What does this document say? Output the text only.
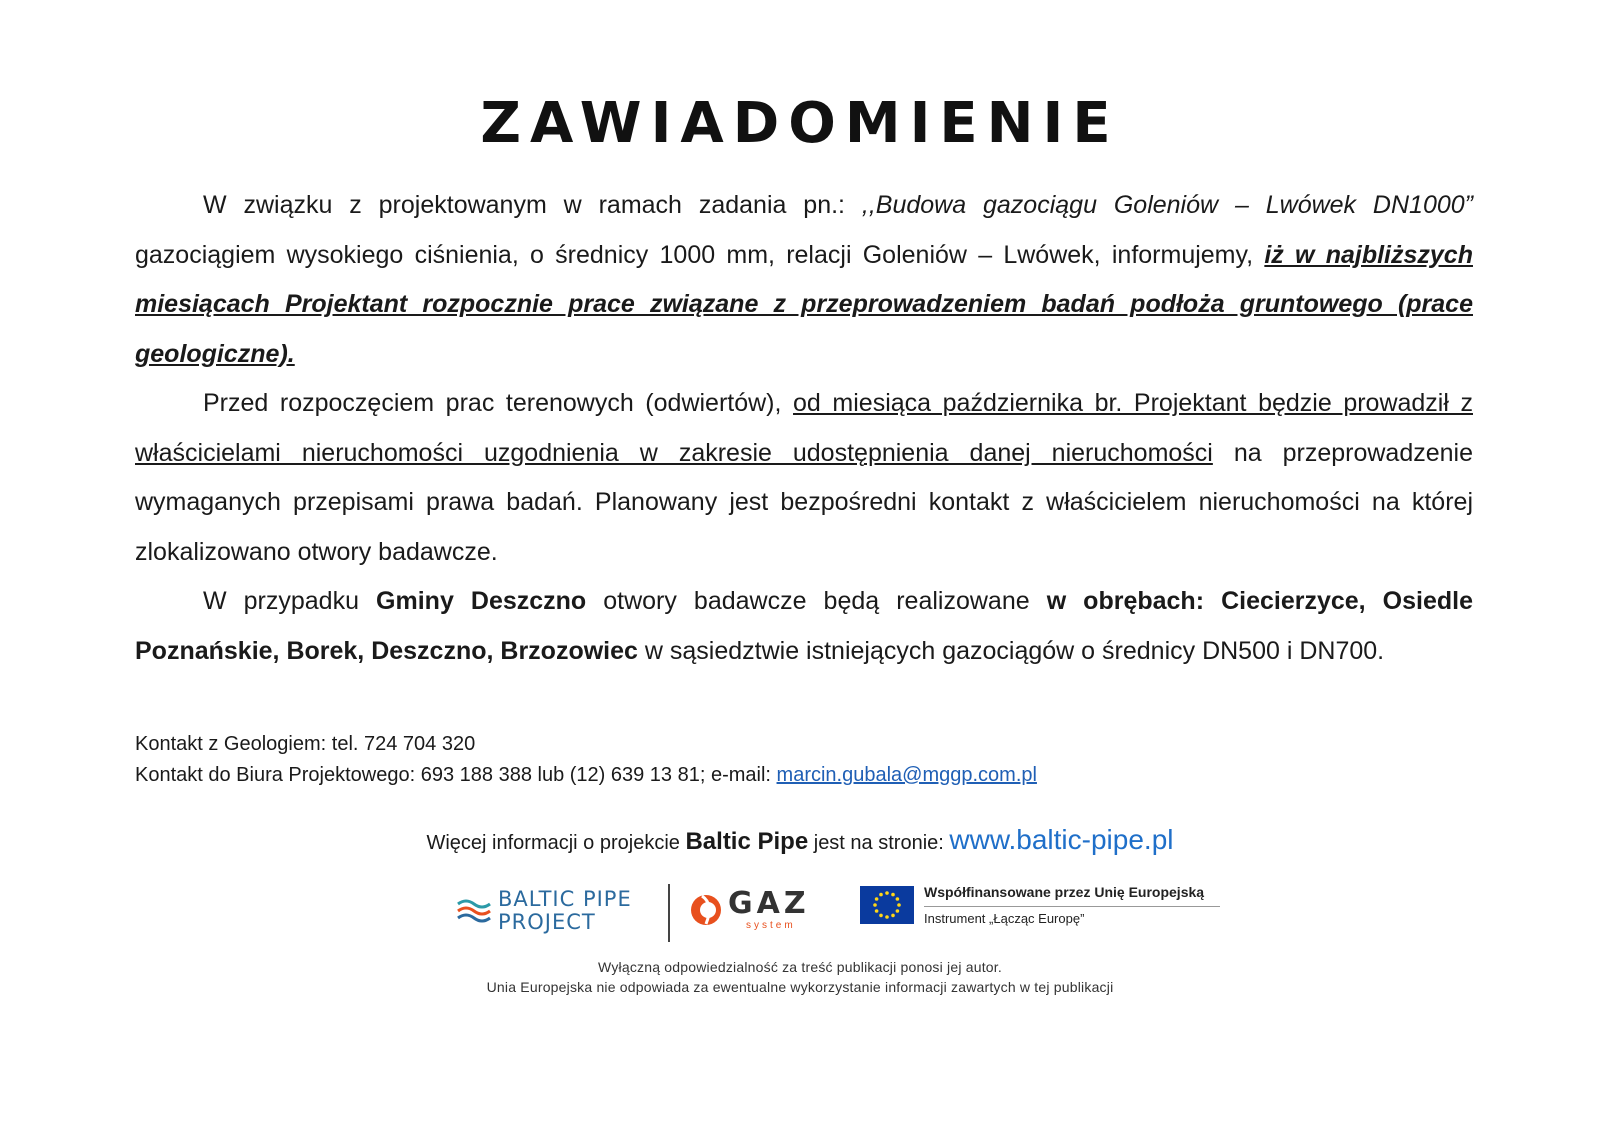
ZAWIADOMIENIE

W związku z projektowanym w ramach zadania pn.: ,,Budowa gazociągu Goleniów – Lwówek DN1000” gazociągiem wysokiego ciśnienia, o średnicy 1000 mm, relacji Goleniów – Lwówek, informujemy, iż w najbliższych miesiącach Projektant rozpocznie prace związane z przeprowadzeniem badań podłoża gruntowego (prace geologiczne).

Przed rozpoczęciem prac terenowych (odwiertów), od miesiąca października br. Projektant będzie prowadził z właścicielami nieruchomości uzgodnienia w zakresie udostępnienia danej nieruchomości na przeprowadzenie wymaganych przepisami prawa badań. Planowany jest bezpośredni kontakt z właścicielem nieruchomości na której zlokalizowano otwory badawcze.

W przypadku Gminy Deszczno otwory badawcze będą realizowane w obrębach: Ciecierzyce, Osiedle Poznańskie, Borek, Deszczno, Brzozowiec w sąsiedztwie istniejących gazociągów o średnicy DN500 i DN700.

Kontakt z Geologiem: tel. 724 704 320
Kontakt do Biura Projektowego: 693 188 388 lub (12) 639 13 81; e-mail: marcin.gubala@mggp.com.pl
Więcej informacji o projekcie Baltic Pipe jest na stronie: www.baltic-pipe.pl
BALTIC PIPE
PROJECT
GAZ
system
Współfinansowane przez Unię Europejską
Instrument „Łącząc Europę”
Wyłączną odpowiedzialność za treść publikacji ponosi jej autor.
Unia Europejska nie odpowiada za ewentualne wykorzystanie informacji zawartych w tej publikacji
